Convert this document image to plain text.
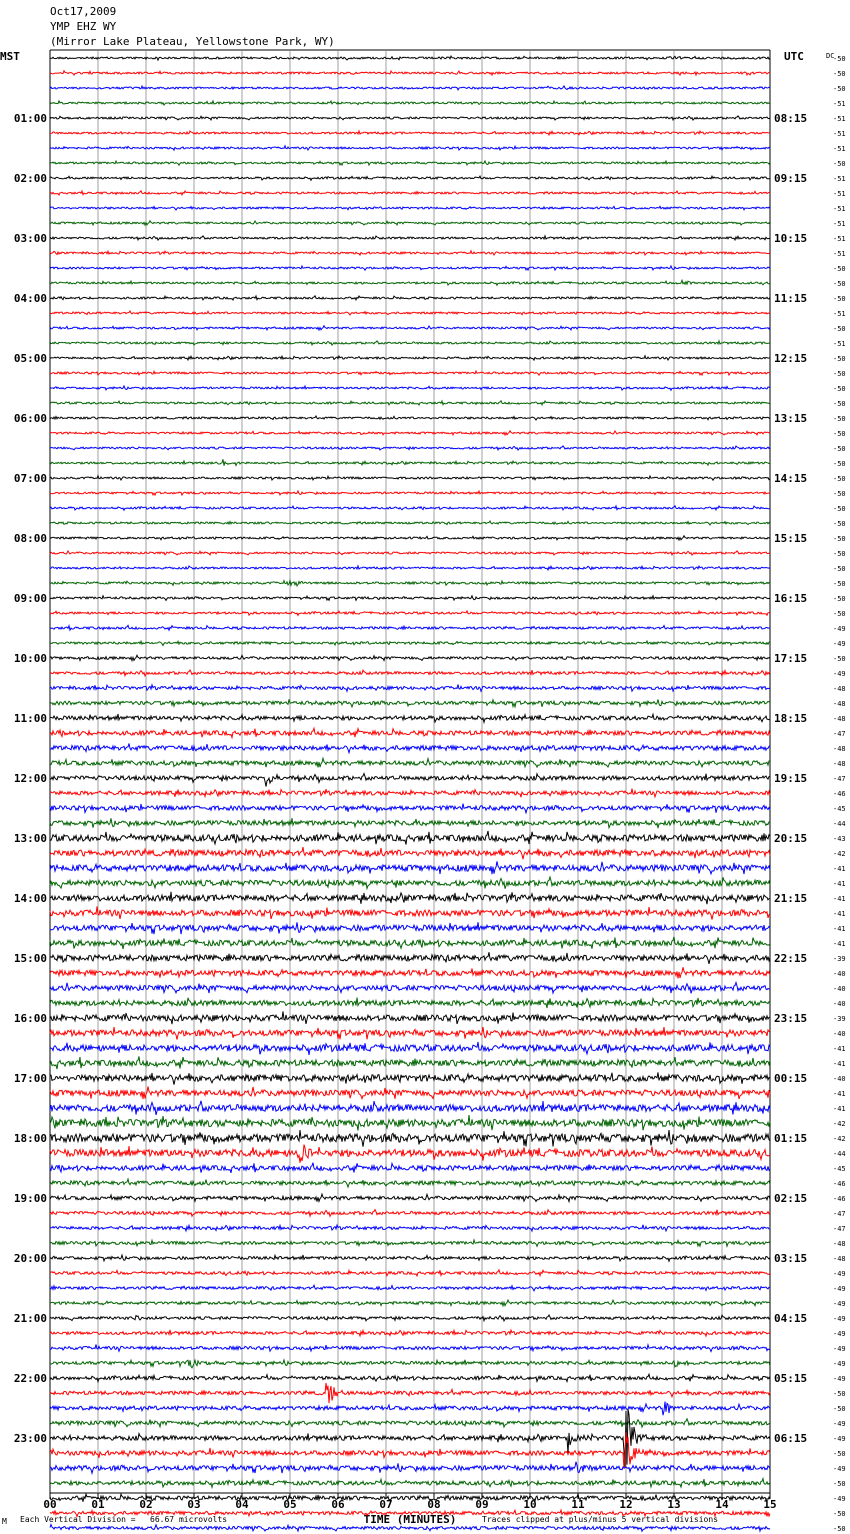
Oct17,2009
YMP EHZ WY
(Mirror Lake Plateau, Yellowstone Park, WY)
MST	UTC
00	01	02	03	04	05	06	07	08	09	10	11	12	13	14	15
TIME (MINUTES)
DC
-50
-50
-50
-51
-51
01:00	08:15
-51
-51
-50
-51
02:00	09:15
-51
-51
-51
-51
03:00	10:15
-51
-50
-50
-50
04:00	11:15
-51
-50
-51
-50
05:00	12:15
-50
-50
-50
-50
06:00	13:15
-50
-50
-50
-50
07:00	14:15
-50
-50
-50
-50
08:00	15:15
-50
-50
-50
-50
09:00	16:15
-50
-49
-49
-50
10:00	17:15
-49
-48
-48
-48
11:00	18:15
-47
-48
-48
-47
12:00	19:15
-46
-45
-44
-43
13:00	20:15
-42
-41
-41
-41
14:00	21:15
-41
-41
-41
-39
15:00	22:15
-40
-40
-40
-39
16:00	23:15
-40
-41
-41
-40
17:00	00:15
-41
-41
-42
-42
18:00	01:15
-44
-45
-46
-46
19:00	02:15
-47
-47
-48
-48
20:00	03:15
-49
-49
-49
-49
21:00	04:15
-49
-49
-49
-49
22:00	05:15
-50
-50
-49
-49
23:00	06:15
-50
-49
-50
-49
-50
-50
M Each Vertical Division =   66.67 microvolts	Traces clipped at plus/minus 5 vertical divisions
